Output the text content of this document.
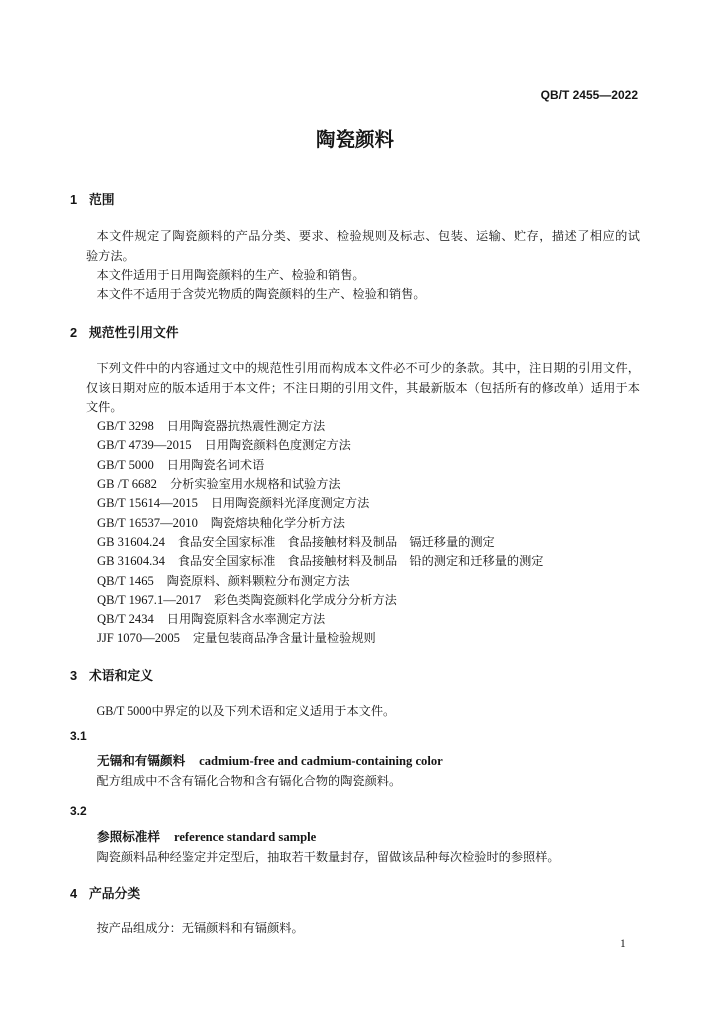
QB/T 2455—2022
陶瓷颜料
1 范围
本文件规定了陶瓷颜料的产品分类、要求、检验规则及标志、包装、运输、贮存，描述了相应的试
验方法。
本文件适用于日用陶瓷颜料的生产、检验和销售。
本文件不适用于含荧光物质的陶瓷颜料的生产、检验和销售。
2 规范性引用文件
下列文件中的内容通过文中的规范性引用而构成本文件必不可少的条款。其中，注日期的引用文件，
仅该日期对应的版本适用于本文件；不注日期的引用文件，其最新版本（包括所有的修改单）适用于本
文件。
GB/T 3298 日用陶瓷器抗热震性测定方法
GB/T 4739—2015 日用陶瓷颜料色度测定方法
GB/T 5000 日用陶瓷名词术语
GB /T 6682 分析实验室用水规格和试验方法
GB/T 15614—2015 日用陶瓷颜料光泽度测定方法
GB/T 16537—2010 陶瓷熔块釉化学分析方法
GB 31604.24 食品安全国家标准　食品接触材料及制品　镉迁移量的测定
GB 31604.34 食品安全国家标准　食品接触材料及制品　铅的测定和迁移量的测定
QB/T 1465 陶瓷原料、颜料颗粒分布测定方法
QB/T 1967.1—2017 彩色类陶瓷颜料化学成分分析方法
QB/T 2434 日用陶瓷原料含水率测定方法
JJF 1070—2005 定量包装商品净含量计量检验规则
3 术语和定义
GB/T 5000中界定的以及下列术语和定义适用于本文件。
3.1
无镉和有镉颜料 cadmium-free and cadmium-containing color
配方组成中不含有镉化合物和含有镉化合物的陶瓷颜料。
3.2
参照标准样 reference standard sample
陶瓷颜料品种经鉴定并定型后，抽取若干数量封存，留做该品种每次检验时的参照样。
4 产品分类
按产品组成分：无镉颜料和有镉颜料。
1
